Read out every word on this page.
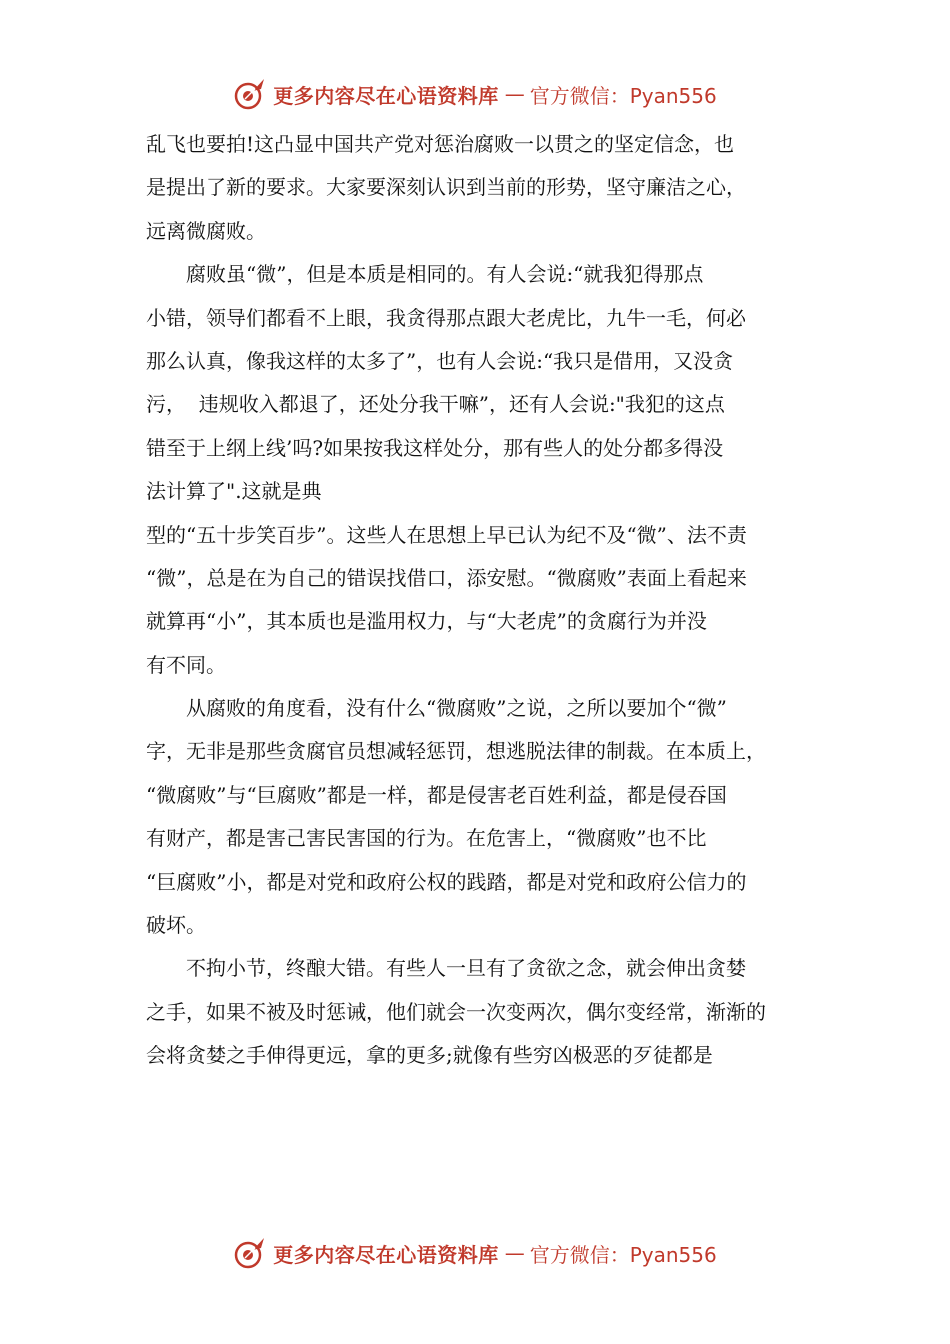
更多内容尽在心语资料库 — 官方微信：Pyan556
乱飞也要拍!这凸显中国共产党对惩治腐败一以贯之的坚定信念，也
是提出了新的要求。大家要深刻认识到当前的形势，坚守廉洁之心，
远离微腐败。
　　腐败虽“微”，但是本质是相同的。有人会说:“就我犯得那点
小错，领导们都看不上眼，我贪得那点跟大老虎比，九牛一毛，何必
那么认真，像我这样的太多了”，也有人会说:“我只是借用，又没贪
污，  违规收入都退了，还处分我干嘛”，还有人会说:"我犯的这点
错至于上纲上线’吗?如果按我这样处分，那有些人的处分都多得没
法计算了".这就是典
型的“五十步笑百步”。这些人在思想上早已认为纪不及“微”、法不责
“微”，总是在为自己的错误找借口，添安慰。“微腐败”表面上看起来
就算再“小”，其本质也是滥用权力，与“大老虎”的贪腐行为并没
有不同。
　　从腐败的角度看，没有什么“微腐败”之说，之所以要加个“微”
字，无非是那些贪腐官员想减轻惩罚，想逃脱法律的制裁。在本质上，
“微腐败”与“巨腐败”都是一样，都是侵害老百姓利益，都是侵吞国
有财产，都是害己害民害国的行为。在危害上，“微腐败”也不比
“巨腐败”小，都是对党和政府公权的践踏，都是对党和政府公信力的
破坏。
　　不拘小节，终酿大错。有些人一旦有了贪欲之念，就会伸出贪婪
之手，如果不被及时惩诫，他们就会一次变两次，偶尔变经常，渐渐的
会将贪婪之手伸得更远，拿的更多;就像有些穷凶极恶的歹徒都是
更多内容尽在心语资料库 — 官方微信：Pyan556
